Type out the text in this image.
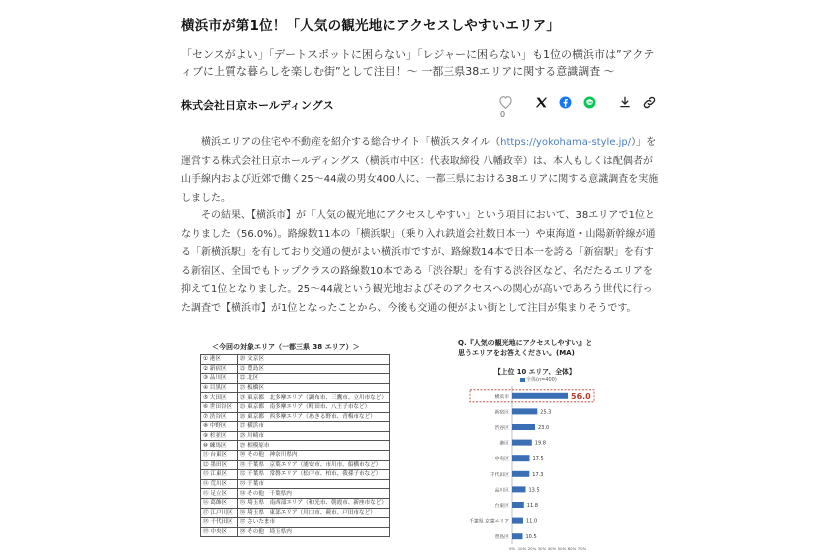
横浜市が第1位！「人気の観光地にアクセスしやすいエリア」
「センスがよい」「デートスポットに困らない」「レジャーに困らない」も1位の横浜市は”アクティブに上質な暮らしを楽しむ街”として注目！～ 一都三県38エリアに関する意識調査 ～
株式会社日京ホールディングス	LINE
0
横浜エリアの住宅や不動産を紹介する総合サイト「横浜スタイル（https://yokohama-style.jp/）」を運営する株式会社日京ホールディングス（横浜市中区：代表取締役 八幡政幸）は、本人もしくは配偶者が山手線内および近郊で働く25～44歳の男女400人に、一都三県における38エリアに関する意識調査を実施しました。
その結果、【横浜市】が「人気の観光地にアクセスしやすい」という項目において、38エリアで1位となりました（56.0%）。路線数11本の「横浜駅」（乗り入れ鉄道会社数日本一）や東海道・山陽新幹線が通る「新横浜駅」を有しており交通の便がよい横浜市ですが、路線数14本で日本一を誇る「新宿駅」を有する新宿区、全国でもトップクラスの路線数10本である「渋谷駅」を有する渋谷区など、名だたるエリアを抑えて1位となりました。25～44歳という観光地およびそのアクセスへの関心が高いであろう世代に行った調査で【横浜市】が1位となったことから、今後も交通の便がよい街として注目が集まりそうです。
＜今回の対象エリア（一都三県 38 エリア）＞
① 港区	⑳ 文京区
② 新宿区	㉑ 豊島区
③ 品川区	㉒ 北区
④ 目黒区	㉓ 板橋区
⑤ 大田区	㉔ 東京都　北多摩エリア（調布市、三鷹市、立川市など）
⑥ 世田谷区	㉕ 東京都　南多摩エリア（町田市、八王子市など）
⑦ 渋谷区	㉖ 東京都　西多摩エリア（あきる野市、青梅市など）
⑧ 中野区	㉗ 横浜市
⑨ 杉並区	㉘ 川崎市
⑩ 練馬区	㉙ 相模原市
⑪ 台東区	㉚ その他　神奈川県内
⑫ 墨田区	㉛ 千葉県　京葉エリア（浦安市、市川市、船橋市など）
⑬ 江東区	㉜ 千葉県　常磐エリア（松戸市、柏市、我孫子市など）
⑭ 荒川区	㉝ 千葉市
⑮ 足立区	㉞ その他　千葉県内
⑯ 葛飾区	㉟ 埼玉県　南西部エリア（和光市、朝霞市、新座市など）
⑰ 江戸川区	㊱ 埼玉県　東部エリア（川口市、蕨市、戸田市など）
⑱ 千代田区	㊲ さいたま市
⑲ 中央区	㊳ その他　埼玉県内
Q.『人気の観光地にアクセスしやすい』と思うエリアをお答えください。(MA)
【上位 10 エリア、全体】
全体(n=400)
横浜市	56.0
新宿区	25.3
渋谷区	23.0
港区	19.8
中央区	17.5
千代田区	17.3
品川区	13.5
台東区	11.8
千葉県 京葉エリア	11.0
豊島区	10.5
0% 10% 20% 30% 40% 50% 60% 70%
